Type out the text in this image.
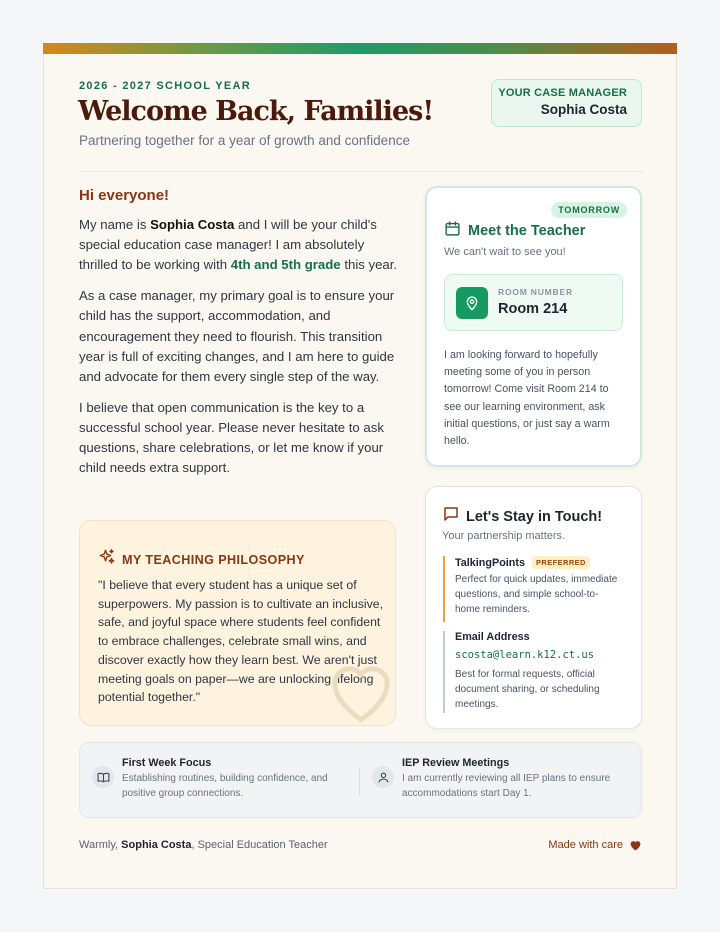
2026 - 2027 SCHOOL YEAR
Welcome Back, Families!
Partnering together for a year of growth and confidence
YOUR CASE MANAGER
Sophia Costa
Hi everyone!

My name is Sophia Costa and I will be your child's special education case manager! I am absolutely thrilled to be working with 4th and 5th grade this year.

As a case manager, my primary goal is to ensure your child has the support, accommodation, and encouragement they need to flourish. This transition year is full of exciting changes, and I am here to guide and advocate for them every single step of the way.

I believe that open communication is the key to a successful school year. Please never hesitate to ask questions, share celebrations, or let me know if your child needs extra support.

MY TEACHING PHILOSOPHY
"I believe that every student has a unique set of superpowers. My passion is to cultivate an inclusive, safe, and joyful space where students feel confident to embrace challenges, celebrate small wins, and discover exactly how they learn best. We aren't just meeting goals on paper—we are unlocking lifelong potential together."
TOMORROW
Meet the Teacher
We can't wait to see you!
ROOM NUMBER
Room 214
I am looking forward to hopefully meeting some of you in person tomorrow! Come visit Room 214 to see our learning environment, ask initial questions, or just say a warm hello.
Let's Stay in Touch!
Your partnership matters.
TalkingPoints	PREFERRED
Perfect for quick updates, immediate questions, and simple school-to-home reminders.
Email Address
scosta@learn.k12.ct.us
Best for formal requests, official document sharing, or scheduling meetings.
First Week Focus
Establishing routines, building confidence, and positive group connections.
IEP Review Meetings
I am currently reviewing all IEP plans to ensure accommodations start Day 1.
Warmly, Sophia Costa, Special Education Teacher	Made with care
